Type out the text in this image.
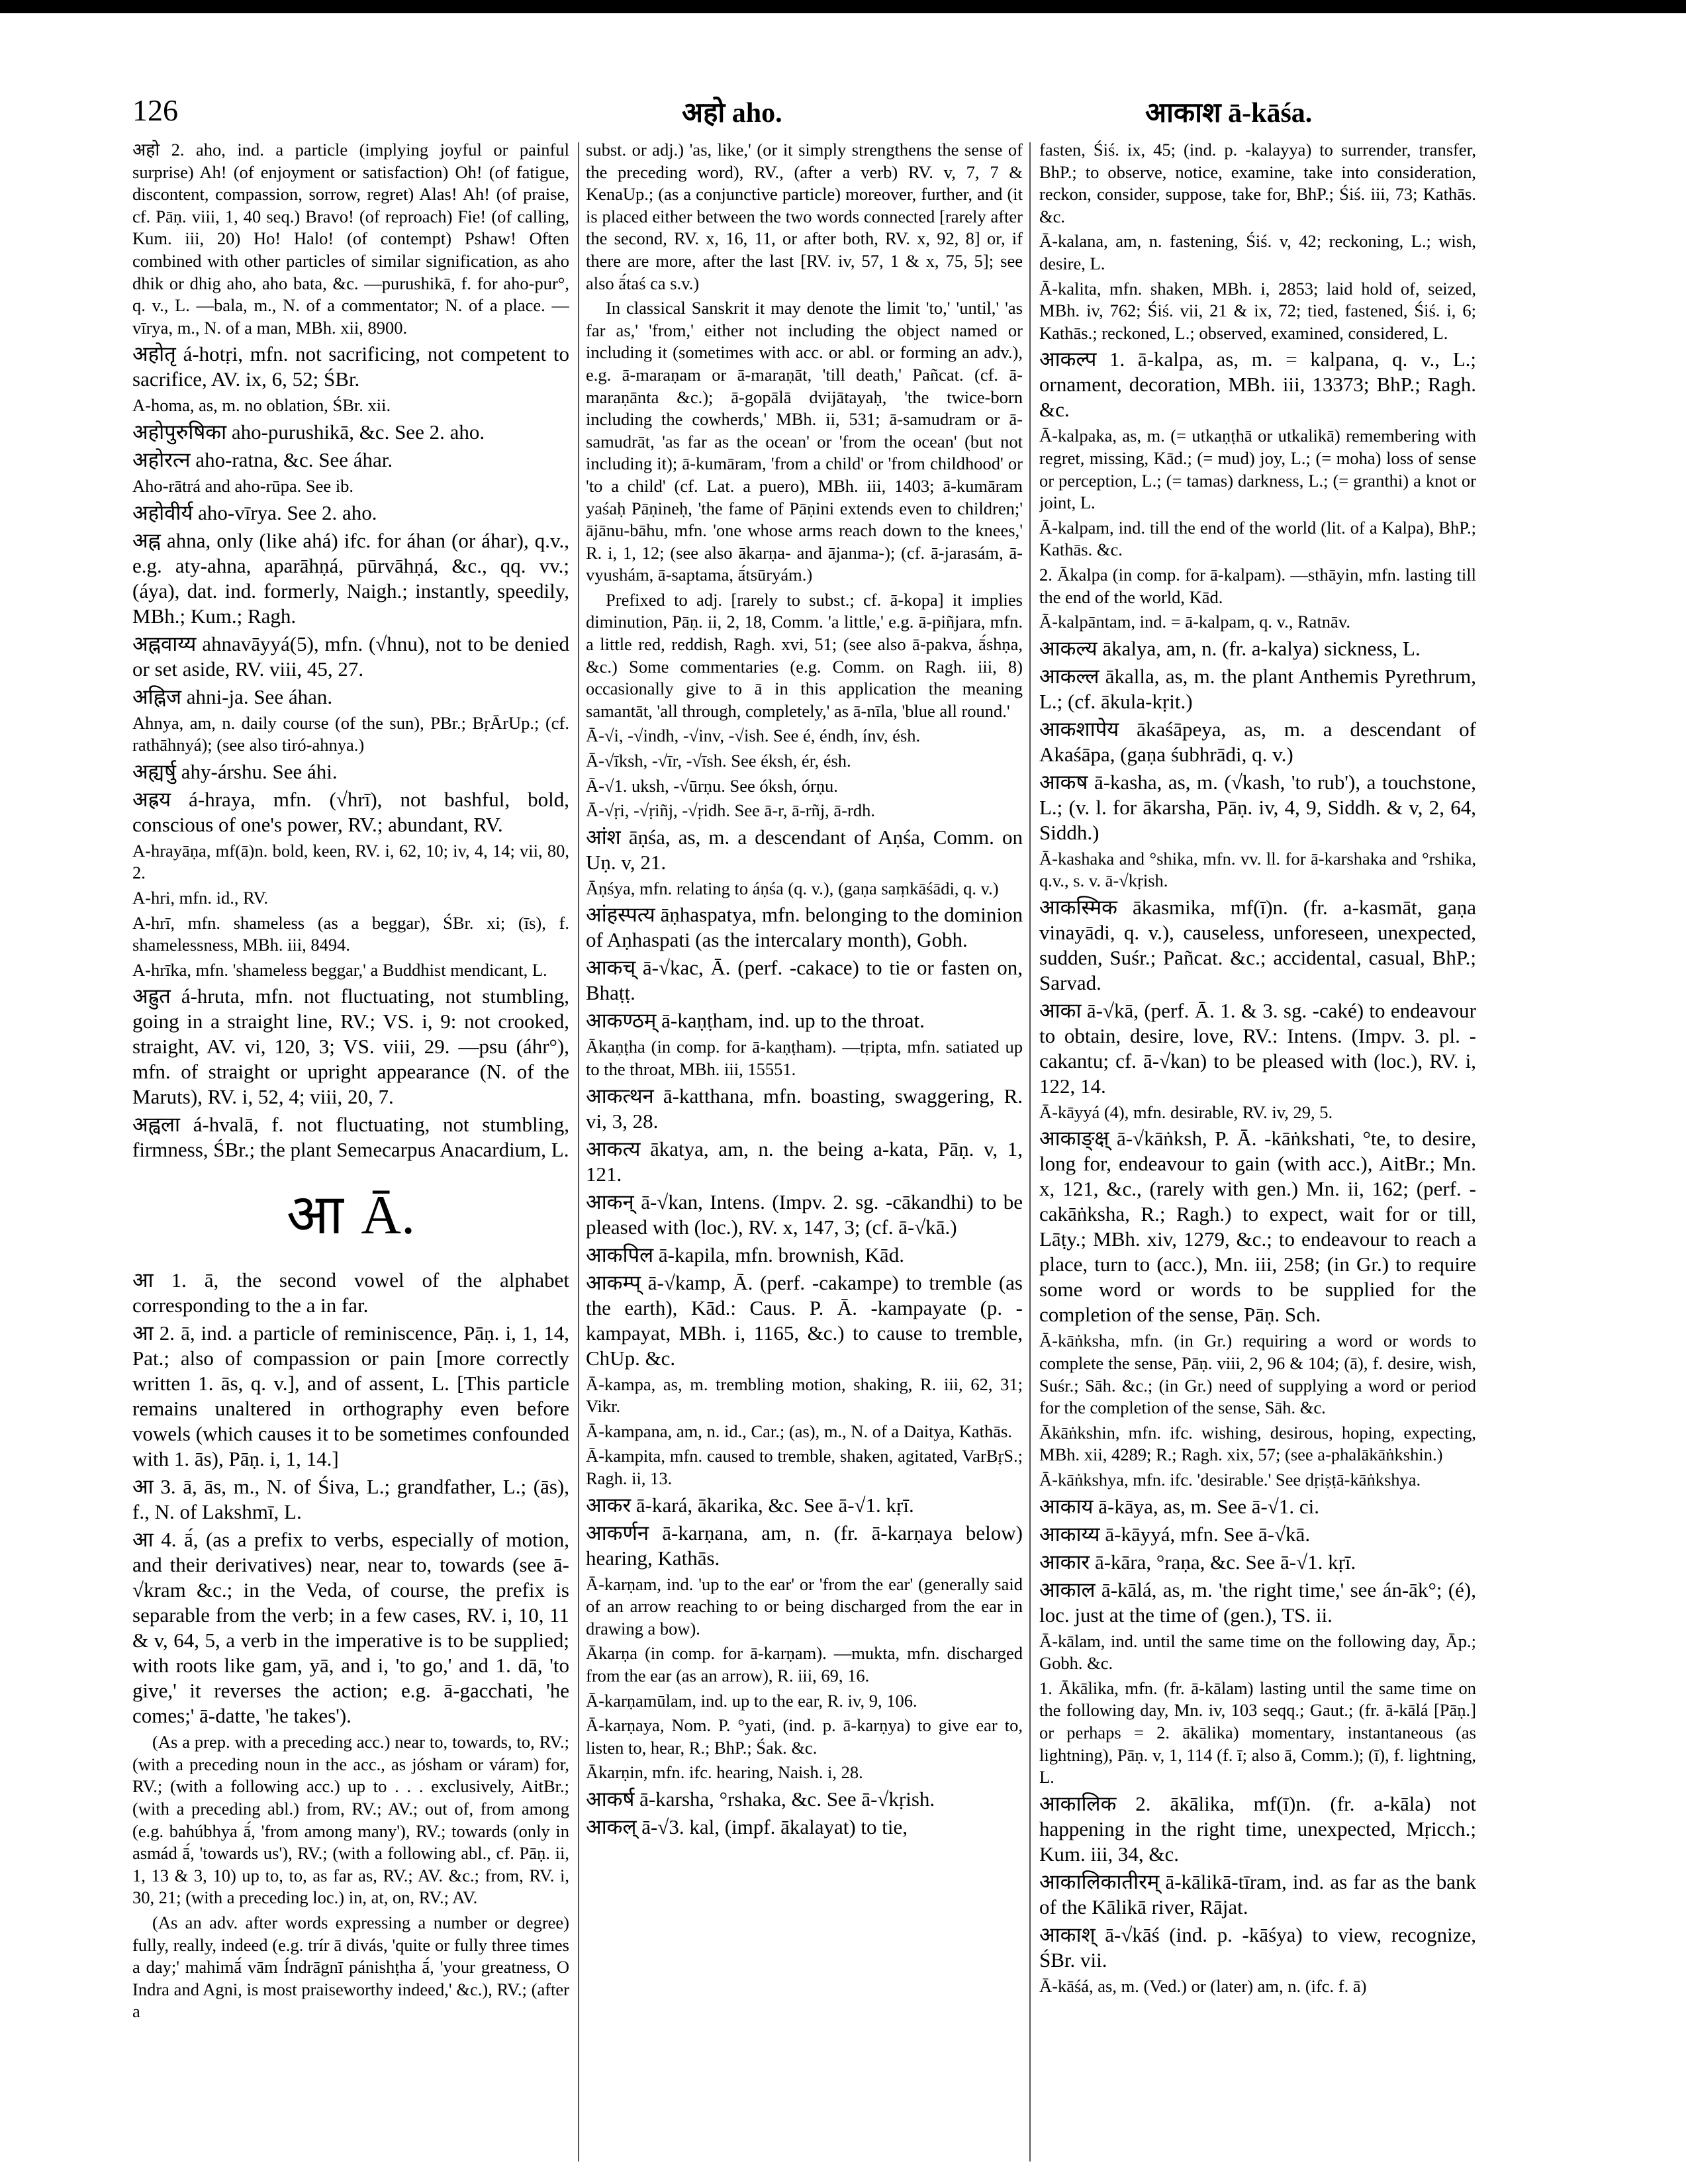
126	अहो aho.	आकाश ā-kāśa.
अहो 2. aho, ind. a particle (implying joyful or painful surprise) Ah! (of enjoyment or satisfaction) Oh! (of fatigue, discontent, compassion, sorrow, regret) Alas! Ah! (of praise, cf. Pāṇ. viii, 1, 40 seq.) Bravo! (of reproach) Fie! (of calling, Kum. iii, 20) Ho! Halo! (of contempt) Pshaw! Often combined with other particles of similar signification, as aho dhik or dhig aho, aho bata, &c. —purushikā, f. for aho-pur°, q. v., L. —bala, m., N. of a commentator; N. of a place. —vīrya, m., N. of a man, MBh. xii, 8900.
अहोतृ á-hotṛi, mfn. not sacrificing, not competent to sacrifice, AV. ix, 6, 52; ŚBr.
A-homa, as, m. no oblation, ŚBr. xii.
अहोपुरुषिका aho-purushikā, &c. See 2. aho.
अहोरत्न aho-ratna, &c. See áhar.
Aho-rātrá and aho-rūpa. See ib.
अहोवीर्य aho-vīrya. See 2. aho.
अह्न ahna, only (like ahá) ifc. for áhan (or áhar), q.v., e.g. aty-ahna, aparāhṇá, pūrvāhṇá, &c., qq. vv.; (áya), dat. ind. formerly, Naigh.; instantly, speedily, MBh.; Kum.; Ragh.
अह्नवाय्य ahnavāyyá(5), mfn. (√hnu), not to be denied or set aside, RV. viii, 45, 27.
अह्निज ahni-ja. See áhan.
Ahnya, am, n. daily course (of the sun), PBr.; BṛĀrUp.; (cf. rathāhnyá); (see also tiró-ahnya.)
अह्यर्षु ahy-árshu. See áhi.
अह्रय á-hraya, mfn. (√hrī), not bashful, bold, conscious of one's power, RV.; abundant, RV.
A-hrayāṇa, mf(ā)n. bold, keen, RV. i, 62, 10; iv, 4, 14; vii, 80, 2.
A-hri, mfn. id., RV.
A-hrī, mfn. shameless (as a beggar), ŚBr. xi; (īs), f. shamelessness, MBh. iii, 8494.
A-hrīka, mfn. 'shameless beggar,' a Buddhist mendicant, L.
अह्रुत á-hruta, mfn. not fluctuating, not stumbling, going in a straight line, RV.; VS. i, 9: not crooked, straight, AV. vi, 120, 3; VS. viii, 29. —psu (áhr°), mfn. of straight or upright appearance (N. of the Maruts), RV. i, 52, 4; viii, 20, 7.
अह्वला á-hvalā, f. not fluctuating, not stumbling, firmness, ŚBr.; the plant Semecarpus Anacardium, L.
आ Ā.
आ 1. ā, the second vowel of the alphabet corresponding to the a in far.
आ 2. ā, ind. a particle of reminiscence, Pāṇ. i, 1, 14, Pat.; also of compassion or pain [more correctly written 1. ās, q. v.], and of assent, L. [This particle remains unaltered in orthography even before vowels (which causes it to be sometimes confounded with 1. ās), Pāṇ. i, 1, 14.]
आ 3. ā, ās, m., N. of Śiva, L.; grandfather, L.; (ās), f., N. of Lakshmī, L.
आ 4. ā́, (as a prefix to verbs, especially of motion, and their derivatives) near, near to, towards (see ā-√kram &c.; in the Veda, of course, the prefix is separable from the verb; in a few cases, RV. i, 10, 11 & v, 64, 5, a verb in the imperative is to be supplied; with roots like gam, yā, and i, 'to go,' and 1. dā, 'to give,' it reverses the action; e.g. ā-gacchati, 'he comes;' ā-datte, 'he takes').
(As a prep. with a preceding acc.) near to, towards, to, RV.; (with a preceding noun in the acc., as jósham or váram) for, RV.; (with a following acc.) up to . . . exclusively, AitBr.; (with a preceding abl.) from, RV.; AV.; out of, from among (e.g. bahúbhya ā́, 'from among many'), RV.; towards (only in asmád ā́, 'towards us'), RV.; (with a following abl., cf. Pāṇ. ii, 1, 13 & 3, 10) up to, to, as far as, RV.; AV. &c.; from, RV. i, 30, 21; (with a preceding loc.) in, at, on, RV.; AV.
(As an adv. after words expressing a number or degree) fully, really, indeed (e.g. trír ā divás, 'quite or fully three times a day;' mahimā́ vām Índrāgnī pánishṭha ā́, 'your greatness, O Indra and Agni, is most praiseworthy indeed,' &c.), RV.; (after a
subst. or adj.) 'as, like,' (or it simply strengthens the sense of the preceding word), RV., (after a verb) RV. v, 7, 7 & KenaUp.; (as a conjunctive particle) moreover, further, and (it is placed either between the two words connected [rarely after the second, RV. x, 16, 11, or after both, RV. x, 92, 8] or, if there are more, after the last [RV. iv, 57, 1 & x, 75, 5]; see also ā́taś ca s.v.)
In classical Sanskrit it may denote the limit 'to,' 'until,' 'as far as,' 'from,' either not including the object named or including it (sometimes with acc. or abl. or forming an adv.), e.g. ā-maraṇam or ā-maraṇāt, 'till death,' Pañcat. (cf. ā-maraṇānta &c.); ā-gopālā dvijātayaḥ, 'the twice-born including the cowherds,' MBh. ii, 531; ā-samudram or ā-samudrāt, 'as far as the ocean' or 'from the ocean' (but not including it); ā-kumāram, 'from a child' or 'from childhood' or 'to a child' (cf. Lat. a puero), MBh. iii, 1403; ā-kumāram yaśaḥ Pāṇineḥ, 'the fame of Pāṇini extends even to children;' ājānu-bāhu, mfn. 'one whose arms reach down to the knees,' R. i, 1, 12; (see also ākarṇa- and ājanma-); (cf. ā-jarasám, ā-vyushám, ā-saptama, ā́tsūryám.)
Prefixed to adj. [rarely to subst.; cf. ā-kopa] it implies diminution, Pāṇ. ii, 2, 18, Comm. 'a little,' e.g. ā-piñjara, mfn. a little red, reddish, Ragh. xvi, 51; (see also ā-pakva, ā́shṇa, &c.) Some commentaries (e.g. Comm. on Ragh. iii, 8) occasionally give to ā in this application the meaning samantāt, 'all through, completely,' as ā-nīla, 'blue all round.'
Ā-√i, -√indh, -√inv, -√ish. See é, éndh, ínv, ésh.
Ā-√īksh, -√īr, -√īsh. See éksh, ér, ésh.
Ā-√1. uksh, -√ūrṇu. See óksh, órṇu.
Ā-√ṛi, -√ṛiñj, -√ṛidh. See ā-r, ā-rñj, ā-rdh.
आंश āṇśa, as, m. a descendant of Aṇśa, Comm. on Uṇ. v, 21.
Āṇśya, mfn. relating to áṇśa (q. v.), (gaṇa saṃkāśādi, q. v.)
आंहस्पत्य āṇhaspatya, mfn. belonging to the dominion of Aṇhaspati (as the intercalary month), Gobh.
आकच् ā-√kac, Ā. (perf. -cakace) to tie or fasten on, Bhaṭṭ.
आकण्ठम् ā-kaṇṭham, ind. up to the throat.
Ākaṇṭha (in comp. for ā-kaṇṭham). —tṛipta, mfn. satiated up to the throat, MBh. iii, 15551.
आकत्थन ā-katthana, mfn. boasting, swaggering, R. vi, 3, 28.
आकत्य ākatya, am, n. the being a-kata, Pāṇ. v, 1, 121.
आकन् ā-√kan, Intens. (Impv. 2. sg. -cākandhi) to be pleased with (loc.), RV. x, 147, 3; (cf. ā-√kā.)
आकपिल ā-kapila, mfn. brownish, Kād.
आकम्प् ā-√kamp, Ā. (perf. -cakampe) to tremble (as the earth), Kād.: Caus. P. Ā. -kampayate (p. -kampayat, MBh. i, 1165, &c.) to cause to tremble, ChUp. &c.
Ā-kampa, as, m. trembling motion, shaking, R. iii, 62, 31; Vikr.
Ā-kampana, am, n. id., Car.; (as), m., N. of a Daitya, Kathās.
Ā-kampita, mfn. caused to tremble, shaken, agitated, VarBṛS.; Ragh. ii, 13.
आकर ā-kará, ākarika, &c. See ā-√1. kṛī.
आकर्णन ā-karṇana, am, n. (fr. ā-karṇaya below) hearing, Kathās.
Ā-karṇam, ind. 'up to the ear' or 'from the ear' (generally said of an arrow reaching to or being discharged from the ear in drawing a bow).
Ākarṇa (in comp. for ā-karṇam). —mukta, mfn. discharged from the ear (as an arrow), R. iii, 69, 16.
Ā-karṇamūlam, ind. up to the ear, R. iv, 9, 106.
Ā-karṇaya, Nom. P. °yati, (ind. p. ā-karṇya) to give ear to, listen to, hear, R.; BhP.; Śak. &c.
Ākarṇin, mfn. ifc. hearing, Naish. i, 28.
आकर्ष ā-karsha, °rshaka, &c. See ā-√kṛish.
आकल् ā-√3. kal, (impf. ākalayat) to tie,
fasten, Śiś. ix, 45; (ind. p. -kalayya) to surrender, transfer, BhP.; to observe, notice, examine, take into consideration, reckon, consider, suppose, take for, BhP.; Śiś. iii, 73; Kathās. &c.
Ā-kalana, am, n. fastening, Śiś. v, 42; reckoning, L.; wish, desire, L.
Ā-kalita, mfn. shaken, MBh. i, 2853; laid hold of, seized, MBh. iv, 762; Śiś. vii, 21 & ix, 72; tied, fastened, Śiś. i, 6; Kathās.; reckoned, L.; observed, examined, considered, L.
आकल्प 1. ā-kalpa, as, m. = kalpana, q. v., L.; ornament, decoration, MBh. iii, 13373; BhP.; Ragh. &c.
Ā-kalpaka, as, m. (= utkaṇṭhā or utkalikā) remembering with regret, missing, Kād.; (= mud) joy, L.; (= moha) loss of sense or perception, L.; (= tamas) darkness, L.; (= granthi) a knot or joint, L.
Ā-kalpam, ind. till the end of the world (lit. of a Kalpa), BhP.; Kathās. &c.
2. Ākalpa (in comp. for ā-kalpam). —sthāyin, mfn. lasting till the end of the world, Kād.
Ā-kalpāntam, ind. = ā-kalpam, q. v., Ratnāv.
आकल्य ākalya, am, n. (fr. a-kalya) sickness, L.
आकल्ल ākalla, as, m. the plant Anthemis Pyrethrum, L.; (cf. ākula-kṛit.)
आकशापेय ākaśāpeya, as, m. a descendant of Akaśāpa, (gaṇa śubhrādi, q. v.)
आकष ā-kasha, as, m. (√kash, 'to rub'), a touchstone, L.; (v. l. for ākarsha, Pāṇ. iv, 4, 9, Siddh. & v, 2, 64, Siddh.)
Ā-kashaka and °shika, mfn. vv. ll. for ā-karshaka and °rshika, q.v., s. v. ā-√kṛish.
आकस्मिक ākasmika, mf(ī)n. (fr. a-kasmāt, gaṇa vinayādi, q. v.), causeless, unforeseen, unexpected, sudden, Suśr.; Pañcat. &c.; accidental, casual, BhP.; Sarvad.
आका ā-√kā, (perf. Ā. 1. & 3. sg. -caké) to endeavour to obtain, desire, love, RV.: Intens. (Impv. 3. pl. -cakantu; cf. ā-√kan) to be pleased with (loc.), RV. i, 122, 14.
Ā-kāyyá (4), mfn. desirable, RV. iv, 29, 5.
आकाङ्क्ष् ā-√kāṅksh, P. Ā. -kāṅkshati, °te, to desire, long for, endeavour to gain (with acc.), AitBr.; Mn. x, 121, &c., (rarely with gen.) Mn. ii, 162; (perf. -cakāṅksha, R.; Ragh.) to expect, wait for or till, Lāṭy.; MBh. xiv, 1279, &c.; to endeavour to reach a place, turn to (acc.), Mn. iii, 258; (in Gr.) to require some word or words to be supplied for the completion of the sense, Pāṇ. Sch.
Ā-kāṅksha, mfn. (in Gr.) requiring a word or words to complete the sense, Pāṇ. viii, 2, 96 & 104; (ā), f. desire, wish, Suśr.; Sāh. &c.; (in Gr.) need of supplying a word or period for the completion of the sense, Sāh. &c.
Ākāṅkshin, mfn. ifc. wishing, desirous, hoping, expecting, MBh. xii, 4289; R.; Ragh. xix, 57; (see a-phalākāṅkshin.)
Ā-kāṅkshya, mfn. ifc. 'desirable.' See dṛiṣṭā-kāṅkshya.
आकाय ā-kāya, as, m. See ā-√1. ci.
आकाय्य ā-kāyyá, mfn. See ā-√kā.
आकार ā-kāra, °raṇa, &c. See ā-√1. kṛī.
आकाल ā-kālá, as, m. 'the right time,' see án-āk°; (é), loc. just at the time of (gen.), TS. ii.
Ā-kālam, ind. until the same time on the following day, Āp.; Gobh. &c.
1. Ākālika, mfn. (fr. ā-kālam) lasting until the same time on the following day, Mn. iv, 103 seqq.; Gaut.; (fr. ā-kālá [Pāṇ.] or perhaps = 2. ākālika) momentary, instantaneous (as lightning), Pāṇ. v, 1, 114 (f. ī; also ā, Comm.); (ī), f. lightning, L.
आकालिक 2. ākālika, mf(ī)n. (fr. a-kāla) not happening in the right time, unexpected, Mṛicch.; Kum. iii, 34, &c.
आकालिकातीरम् ā-kālikā-tīram, ind. as far as the bank of the Kālikā river, Rājat.
आकाश् ā-√kāś (ind. p. -kāśya) to view, recognize, ŚBr. vii.
Ā-kāśá, as, m. (Ved.) or (later) am, n. (ifc. f. ā)
